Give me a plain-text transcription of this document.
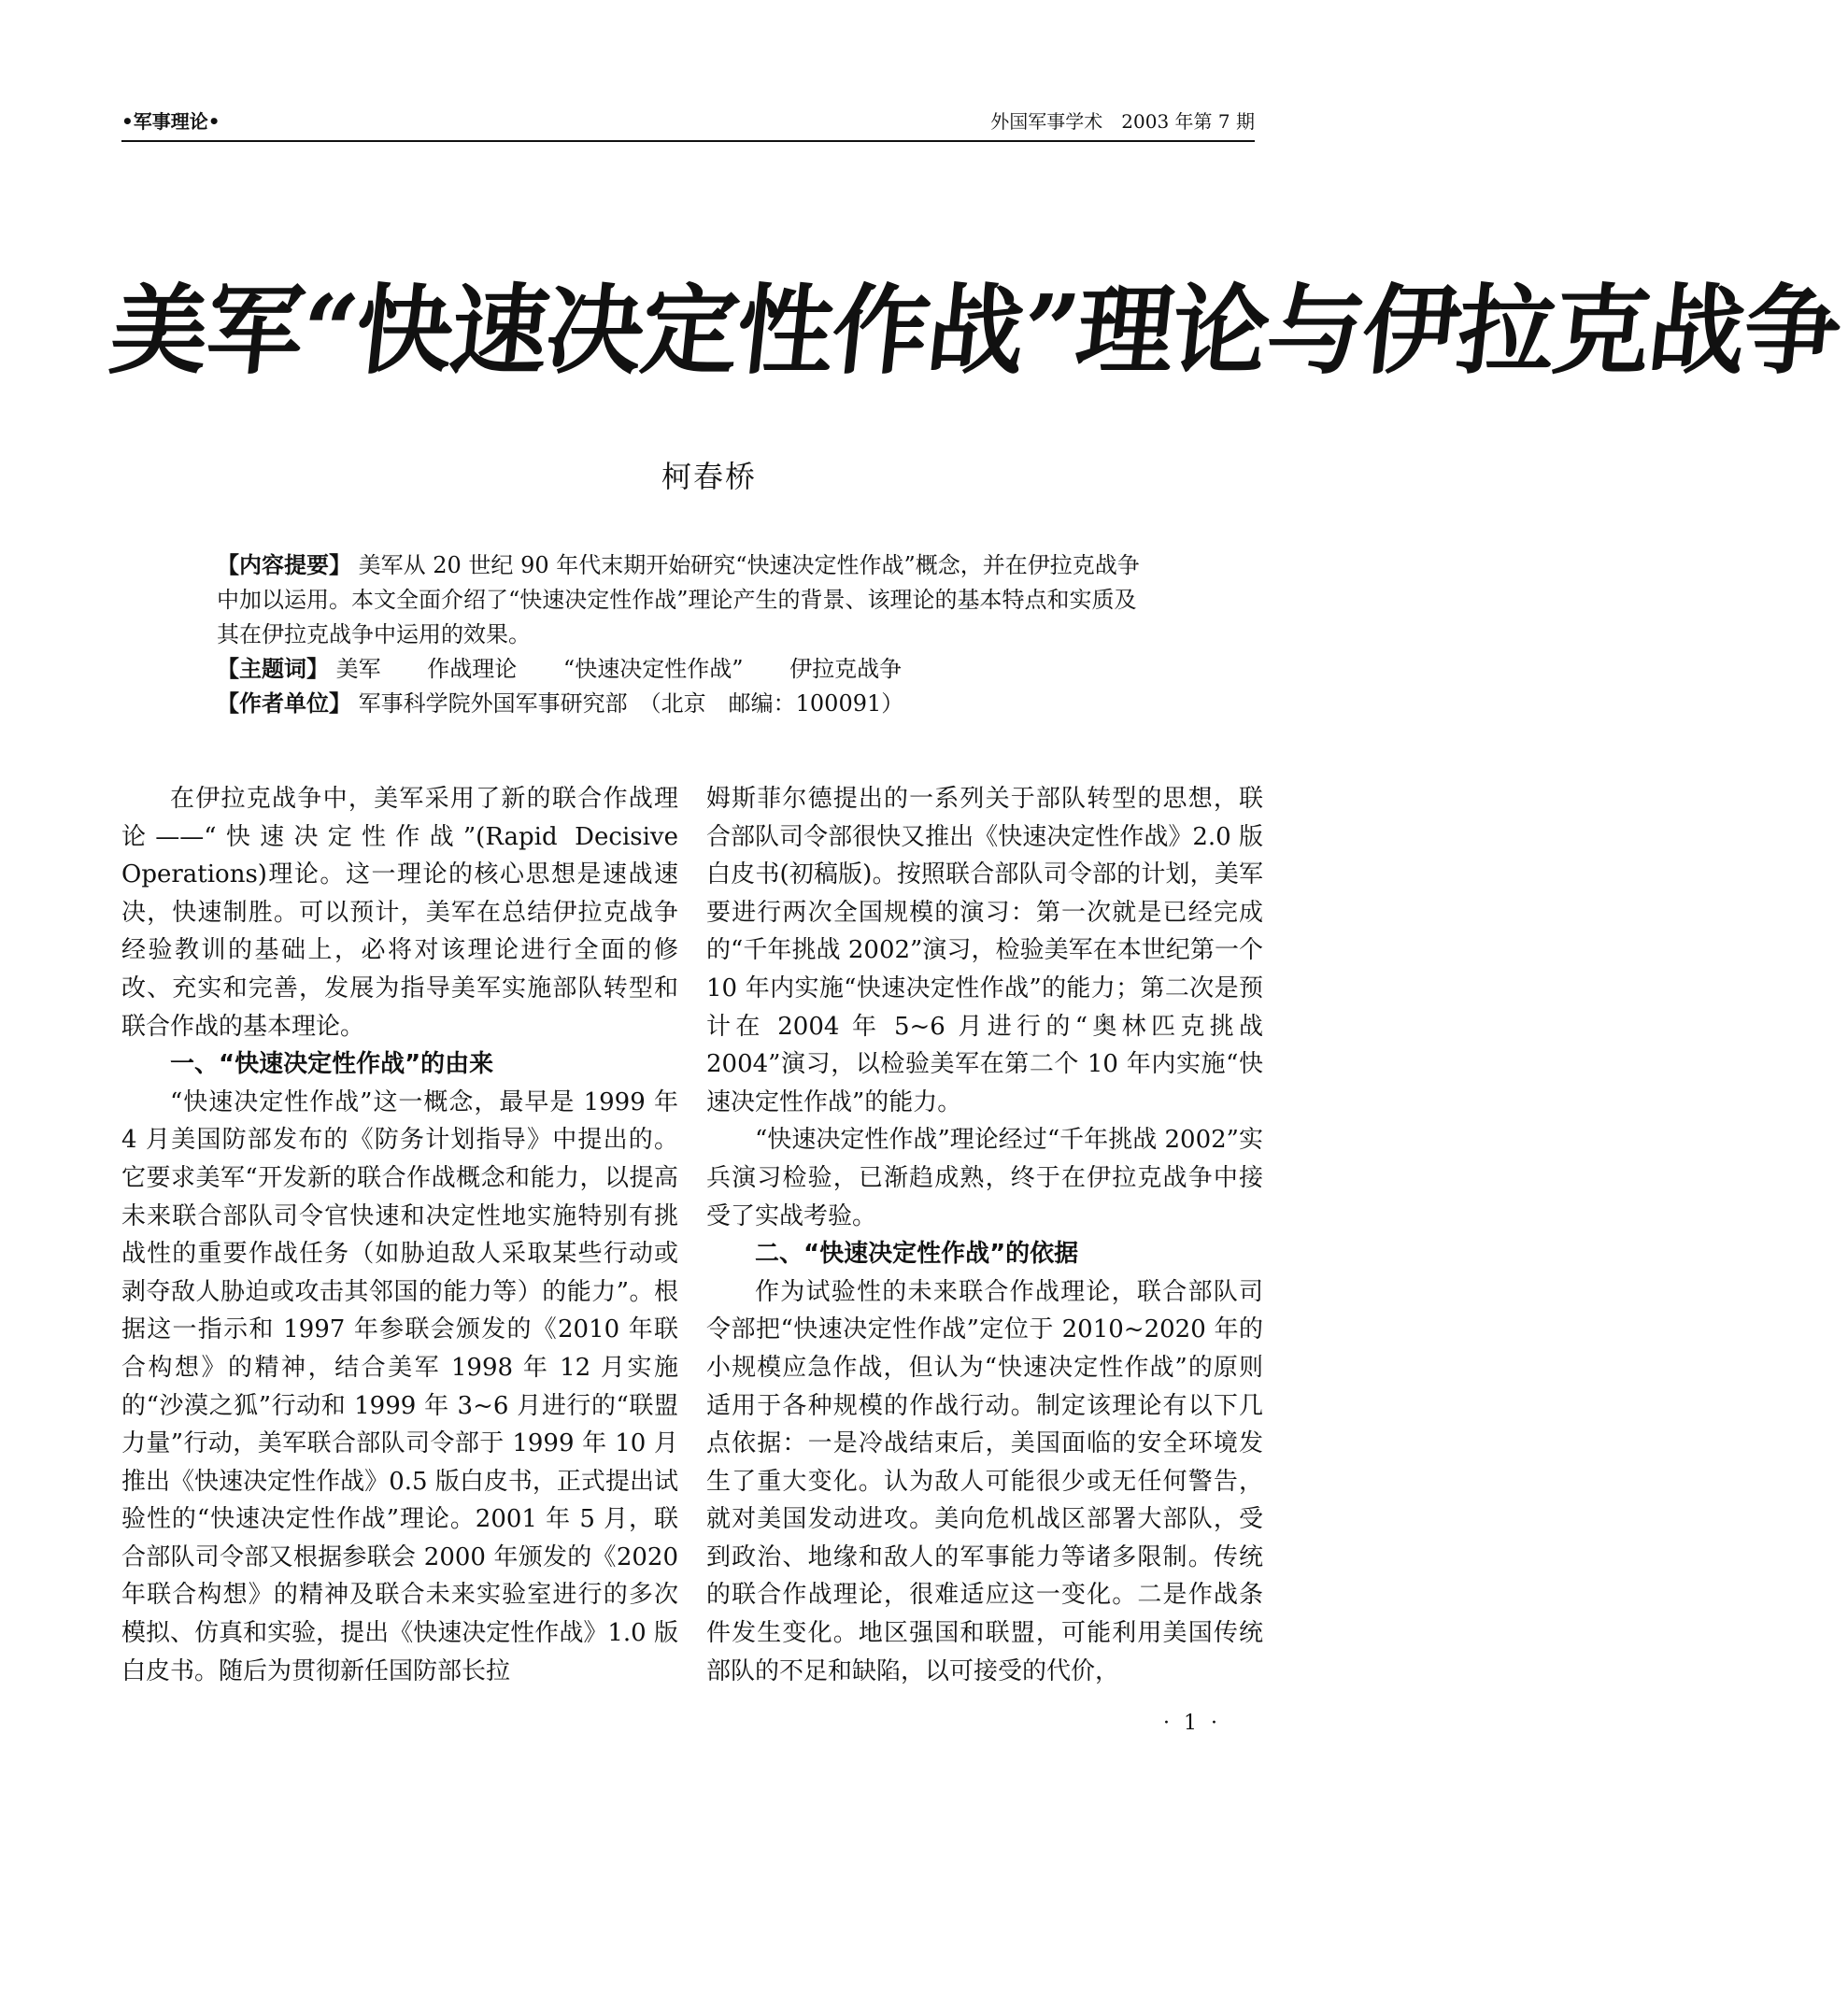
•军事理论•	外国军事学术　2003 年第 7 期
美军“快速决定性作战”理论与伊拉克战争
柯春桥

【内容提要】 美军从 20 世纪 90 年代末期开始研究“快速决定性作战”概念，并在伊拉克战争中加以运用。本文全面介绍了“快速决定性作战”理论产生的背景、该理论的基本特点和实质及其在伊拉克战争中运用的效果。

【主题词】 美军 作战理论 “快速决定性作战” 伊拉克战争

【作者单位】 军事科学院外国军事研究部　（北京　邮编：100091）

在伊拉克战争中，美军采用了新的联合作战理论——“快速决定性作战”(Rapid Decisive Operations)理论。这一理论的核心思想是速战速决，快速制胜。可以预计，美军在总结伊拉克战争经验教训的基础上，必将对该理论进行全面的修改、充实和完善，发展为指导美军实施部队转型和联合作战的基本理论。

一、“快速决定性作战”的由来

“快速决定性作战”这一概念，最早是 1999 年 4 月美国防部发布的《防务计划指导》中提出的。它要求美军“开发新的联合作战概念和能力，以提高未来联合部队司令官快速和决定性地实施特别有挑战性的重要作战任务（如胁迫敌人采取某些行动或剥夺敌人胁迫或攻击其邻国的能力等）的能力”。根据这一指示和 1997 年参联会颁发的《2010 年联合构想》的精神，结合美军 1998 年 12 月实施的“沙漠之狐”行动和 1999 年 3~6 月进行的“联盟力量”行动，美军联合部队司令部于 1999 年 10 月推出《快速决定性作战》0.5 版白皮书，正式提出试验性的“快速决定性作战”理论。2001 年 5 月，联合部队司令部又根据参联会 2000 年颁发的《2020 年联合构想》的精神及联合未来实验室进行的多次模拟、仿真和实验，提出《快速决定性作战》1.0 版白皮书。随后为贯彻新任国防部长拉

姆斯菲尔德提出的一系列关于部队转型的思想，联合部队司令部很快又推出《快速决定性作战》2.0 版白皮书(初稿版)。按照联合部队司令部的计划，美军要进行两次全国规模的演习：第一次就是已经完成的“千年挑战 2002”演习，检验美军在本世纪第一个 10 年内实施“快速决定性作战”的能力；第二次是预计在 2004 年 5~6 月进行的“奥林匹克挑战 2004”演习，以检验美军在第二个 10 年内实施“快速决定性作战”的能力。

“快速决定性作战”理论经过“千年挑战 2002”实兵演习检验，已渐趋成熟，终于在伊拉克战争中接受了实战考验。

二、“快速决定性作战”的依据

作为试验性的未来联合作战理论，联合部队司令部把“快速决定性作战”定位于 2010~2020 年的小规模应急作战，但认为“快速决定性作战”的原则适用于各种规模的作战行动。制定该理论有以下几点依据：一是冷战结束后，美国面临的安全环境发生了重大变化。认为敌人可能很少或无任何警告，就对美国发动进攻。美向危机战区部署大部队，受到政治、地缘和敌人的军事能力等诸多限制。传统的联合作战理论，很难适应这一变化。二是作战条件发生变化。地区强国和联盟，可能利用美国传统部队的不足和缺陷，以可接受的代价，

· 1 ·
